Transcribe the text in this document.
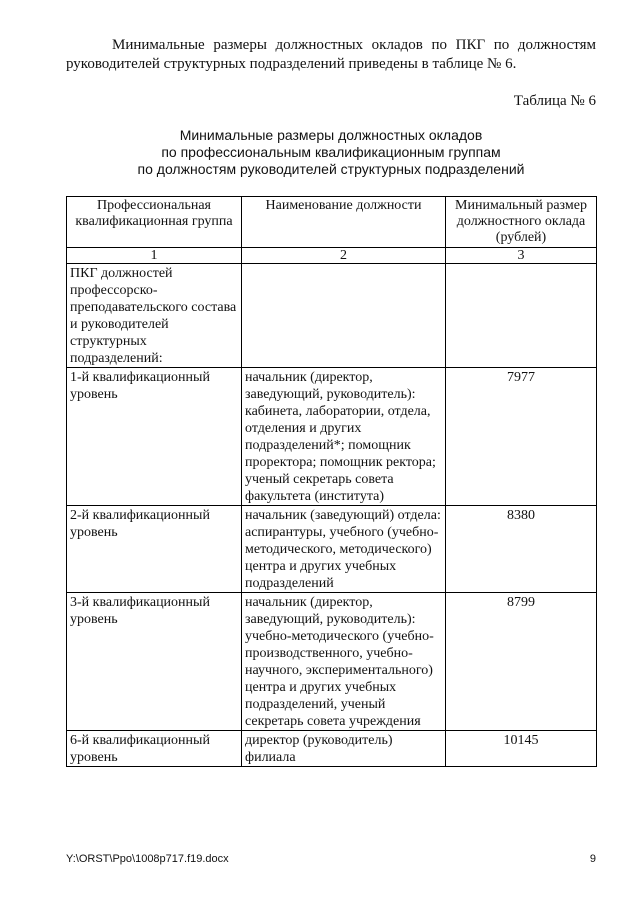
Минимальные размеры должностных окладов по ПКГ по должностям руководителей структурных подразделений приведены в таблице № 6.

Таблица № 6
Минимальные размеры должностных окладов
по профессиональным квалификационным группам
по должностям руководителей структурных подразделений
Профессиональная квалификационная группа	Наименование должности	Минимальный размер должностного оклада (рублей)
1	2	3
ПКГ должностей профессорско-преподавательского состава и руководителей структурных подразделений:		
1-й квалификационный уровень	начальник (директор, заведующий, руководитель): кабинета, лаборатории, отдела, отделения и других подразделений*; помощник проректора; помощник ректора; ученый секретарь совета факультета (института)	7977
2-й квалификационный уровень	начальник (заведующий) отдела: аспирантуры, учебного (учебно-методического, методического) центра и других учебных подразделений	8380
3-й квалификационный уровень	начальник (директор, заведующий, руководитель): учебно-методического (учебно-производственного, учебно-научного, экспериментального) центра и других учебных подразделений, ученый секретарь совета учреждения	8799
6-й квалификационный уровень	директор (руководитель) филиала	10145
Y:\ORST\Ppo\1008p717.f19.docx	9
